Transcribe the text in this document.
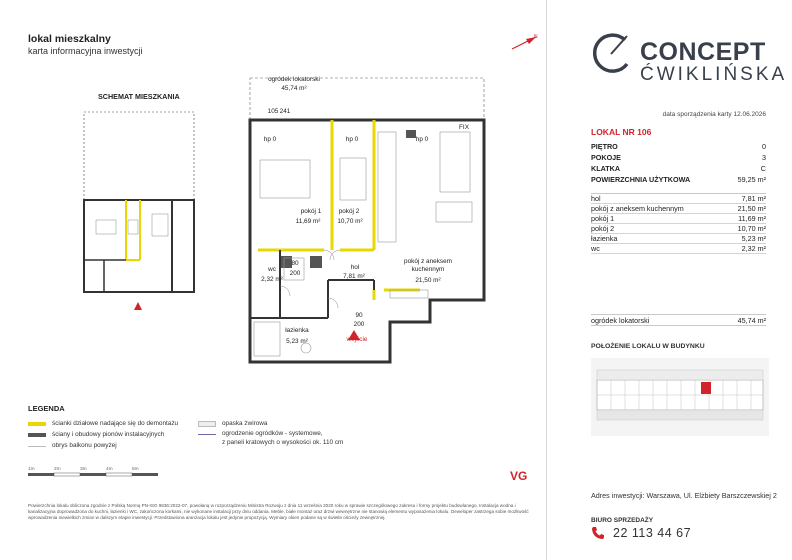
lokal mieszkalny
karta informacyjna inwestycji
N
CONCEPT
ĆWIKLIŃSKA
data sporządzenia karty 12.06.2026
LOKAL NR 106
PIĘTRO	0
POKOJE	3
KLATKA	C
POWIERZCHNIA UŻYTKOWA	59,25 m²
hol	7,81 m²
pokój z aneksem kuchennym	21,50 m²
pokój 1	11,69 m²
pokój 2	10,70 m²
łazienka	5,23 m²
wc	2,32 m²
ogródek lokatorski	45,74 m²
POŁOŻENIE LOKALU W BUDYNKU
Adres inwestycji: Warszawa, Ul. Elżbiety Barszczewskiej 2
BIURO SPRZEDAŻY
22 113 44 67
SCHEMAT MIESZKANIA
ogródek lokatorski
45,74 m²
pokój 1
11,69 m²
pokój 2
10,70 m²
hol
7,81 m²
wc
2,32 m²
pokój z aneksem
kuchennym
21,50 m²
łazienka
5,23 m²	wejście
hp 0	hp 0	hp 0
FIX
80
200
90
200
105 241
LEGENDA
ścianki działowe nadające się do demontażu
ściany i obudowy pionów instalacyjnych
obrys balkonu powyżej
opaska żwirowa
ogrodzenie ogródków - systemowe,
z paneli kratowych o wysokości ok. 110 cm
1m	2m	3m	4m	5m	VG
Powierzchnia lokalu obliczona zgodnie z Polską Normą PN-ISO 9836:2022-07, powołaną w rozporządzeniu Ministra Rozwoju z dnia 11 września 2020 roku w sprawie szczegółowego zakresu i formy projektu budowlanego. Instalacja wodna i kanalizacyjna doprowadzona do kuchni, łazienki i WC, zakończona korkami, nie wykonane instalacji przy dniu oddania. Meble, białe montaż oraz drzwi wewnętrzne nie stanowią elementu wyposażenia lokalu. Deweloper zastrzega sobie możliwość wprowadzenia niewielkich zmian w dalszym etapie inwestycji. Przedstawiona aranżacja lokalu jest jedynie propozycją. Wymiary okien podane są w świetle ościeży zewnętrznej.
